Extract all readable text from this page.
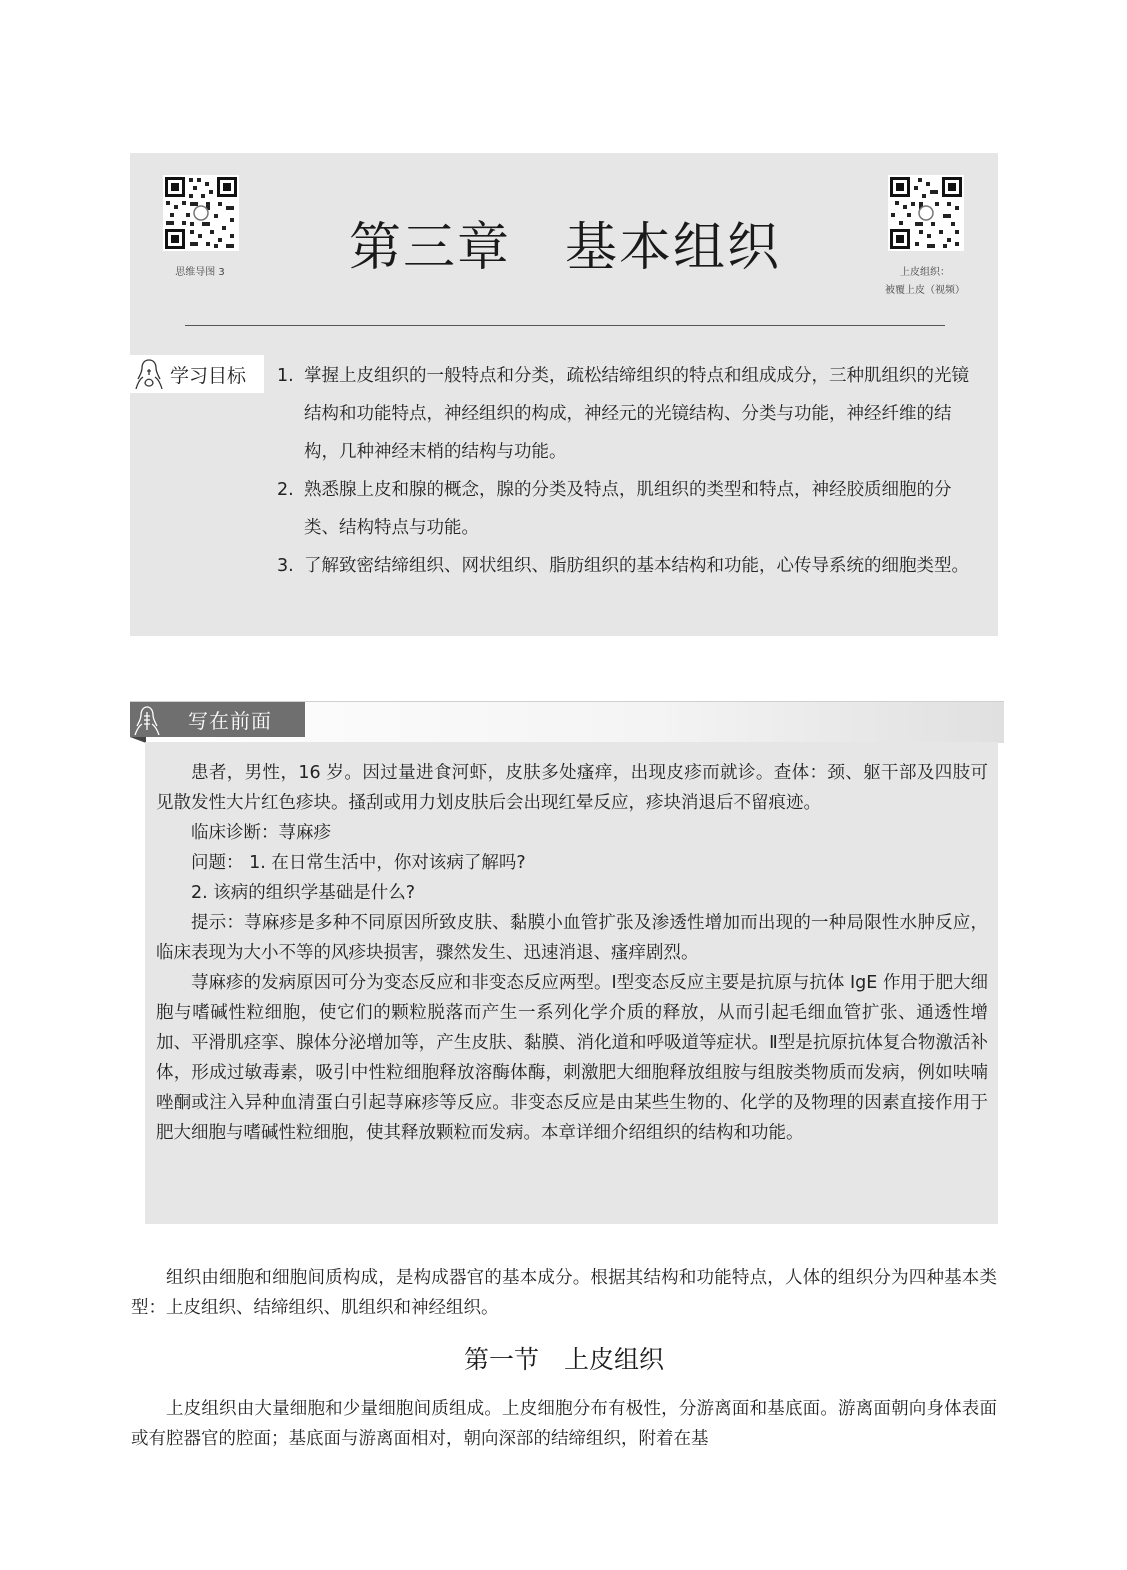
思维导图 3	第三章　基本组织	上皮组织：
被覆上皮（视频）
学习目标 1. 掌握上皮组织的一般特点和分类，疏松结缔组织的特点和组成成分，三种肌组织的光镜结构和功能特点，神经组织的构成，神经元的光镜结构、分类与功能，神经纤维的结构，几种神经末梢的结构与功能。
2. 熟悉腺上皮和腺的概念，腺的分类及特点，肌组织的类型和特点，神经胶质细胞的分类、结构特点与功能。
3. 了解致密结缔组织、网状组织、脂肪组织的基本结构和功能，心传导系统的细胞类型。
写在前面

患者，男性，16 岁。因过量进食河虾，皮肤多处瘙痒，出现皮疹而就诊。查体：颈、躯干部及四肢可见散发性大片红色疹块。搔刮或用力划皮肤后会出现红晕反应，疹块消退后不留痕迹。

临床诊断：荨麻疹

问题： 1. 在日常生活中，你对该病了解吗?

2. 该病的组织学基础是什么?

提示：荨麻疹是多种不同原因所致皮肤、黏膜小血管扩张及渗透性增加而出现的一种局限性水肿反应，临床表现为大小不等的风疹块损害，骤然发生、迅速消退、瘙痒剧烈。

荨麻疹的发病原因可分为变态反应和非变态反应两型。Ⅰ型变态反应主要是抗原与抗体 IgE 作用于肥大细胞与嗜碱性粒细胞，使它们的颗粒脱落而产生一系列化学介质的释放，从而引起毛细血管扩张、通透性增加、平滑肌痉挛、腺体分泌增加等，产生皮肤、黏膜、消化道和呼吸道等症状。Ⅱ型是抗原抗体复合物激活补体，形成过敏毒素，吸引中性粒细胞释放溶酶体酶，刺激肥大细胞释放组胺与组胺类物质而发病，例如呋喃唑酮或注入异种血清蛋白引起荨麻疹等反应。非变态反应是由某些生物的、化学的及物理的因素直接作用于肥大细胞与嗜碱性粒细胞，使其释放颗粒而发病。本章详细介绍组织的结构和功能。

组织由细胞和细胞间质构成，是构成器官的基本成分。根据其结构和功能特点，人体的组织分为四种基本类型：上皮组织、结缔组织、肌组织和神经组织。

第一节　上皮组织

上皮组织由大量细胞和少量细胞间质组成。上皮细胞分布有极性，分游离面和基底面。游离面朝向身体表面或有腔器官的腔面；基底面与游离面相对，朝向深部的结缔组织，附着在基
